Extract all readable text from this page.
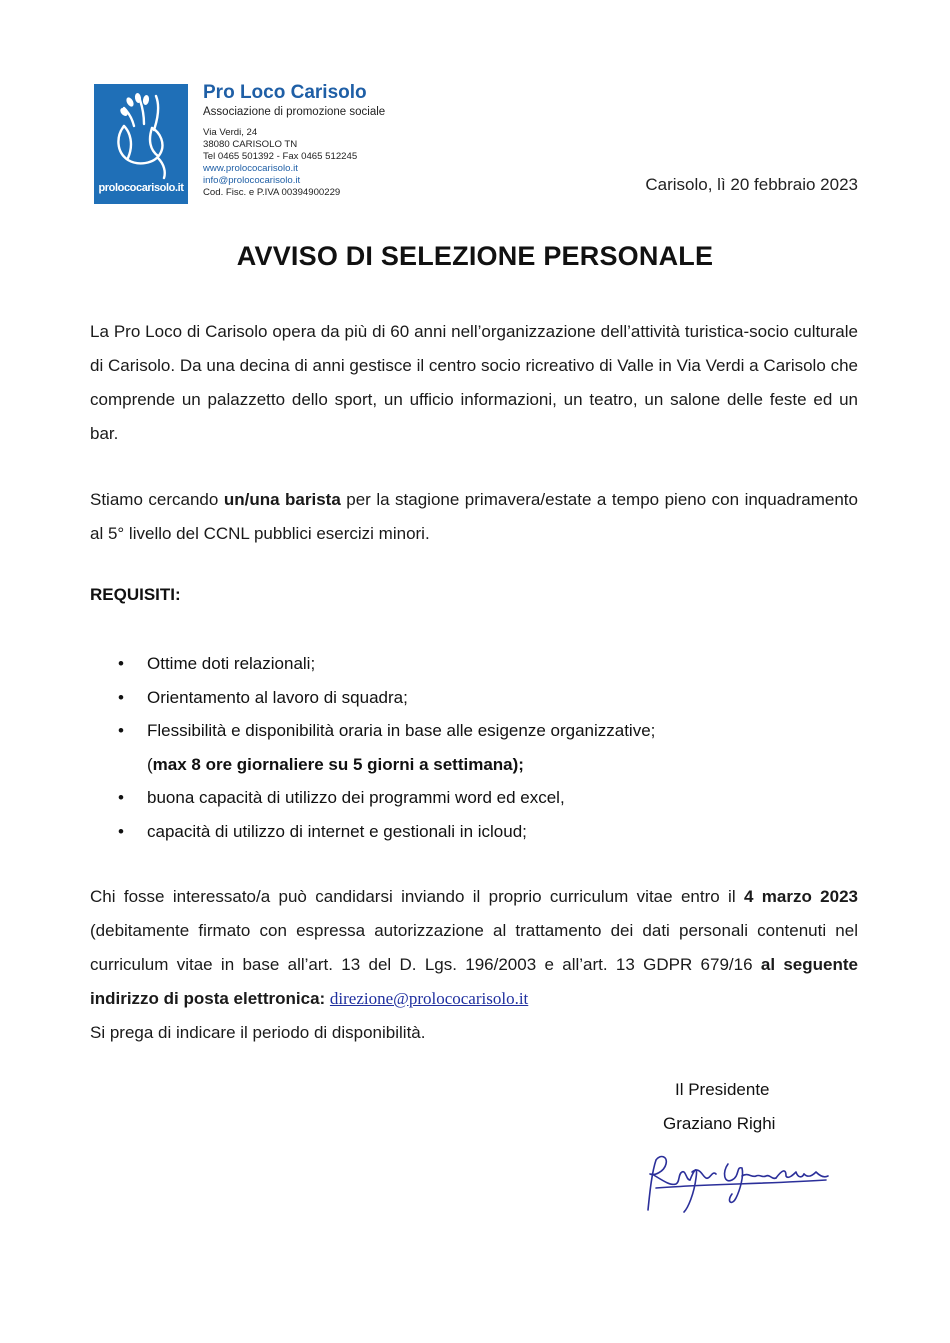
prolococarisolo.it
Pro Loco Carisolo
Associazione di promozione sociale
Via Verdi, 24
38080 CARISOLO TN
Tel 0465 501392 - Fax 0465 512245
www.prolococarisolo.it
info@prolococarisolo.it
Cod. Fisc. e P.IVA 00394900229	Carisolo, lì 20 febbraio 2023
AVVISO DI SELEZIONE PERSONALE
La Pro Loco di Carisolo opera da più di 60 anni nell’organizzazione dell’attività turistica-socio culturale di Carisolo. Da una decina di anni gestisce il centro socio ricreativo di Valle in Via Verdi a Carisolo che comprende un palazzetto dello sport, un ufficio informazioni, un teatro, un salone delle feste ed un bar.
Stiamo cercando un/una barista per la stagione primavera/estate a tempo pieno con inquadramento al 5° livello del CCNL pubblici esercizi minori.
REQUISITI:
• Ottime doti relazionali;
• Orientamento al lavoro di squadra;
• Flessibilità e disponibilità oraria in base alle esigenze organizzative;
(max 8 ore giornaliere su 5 giorni a settimana);
• buona capacità di utilizzo dei programmi word ed excel,
• capacità di utilizzo di internet e gestionali in icloud;
Chi fosse interessato/a può candidarsi inviando il proprio curriculum vitae entro il 4 marzo 2023 (debitamente firmato con espressa autorizzazione al trattamento dei dati personali contenuti nel curriculum vitae in base all’art. 13 del D. Lgs. 196/2003 e all’art. 13 GDPR 679/16 al seguente indirizzo di posta elettronica: direzione@prolococarisolo.it
Si prega di indicare il periodo di disponibilità.
Il Presidente
Graziano Righi
